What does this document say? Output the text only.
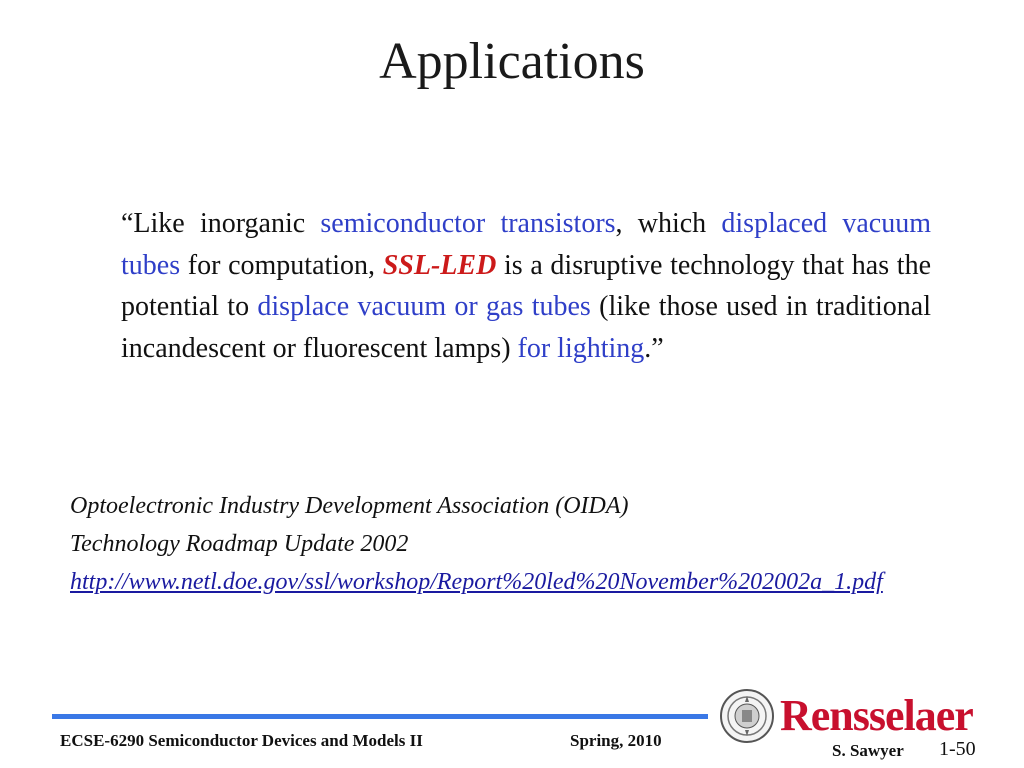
Applications
“Like inorganic semiconductor transistors, which displaced vacuum tubes for computation, SSL-LED is a disruptive technology that has the potential to displace vacuum or gas tubes (like those used in traditional incandescent or fluorescent lamps) for lighting.”
Optoelectronic Industry Development Association (OIDA)
Technology Roadmap Update 2002
http://www.netl.doe.gov/ssl/workshop/Report%20led%20November%202002a_1.pdf
ECSE-6290 Semiconductor Devices and Models II	Spring, 2010
Rensselaer
S. Sawyer 1-50
